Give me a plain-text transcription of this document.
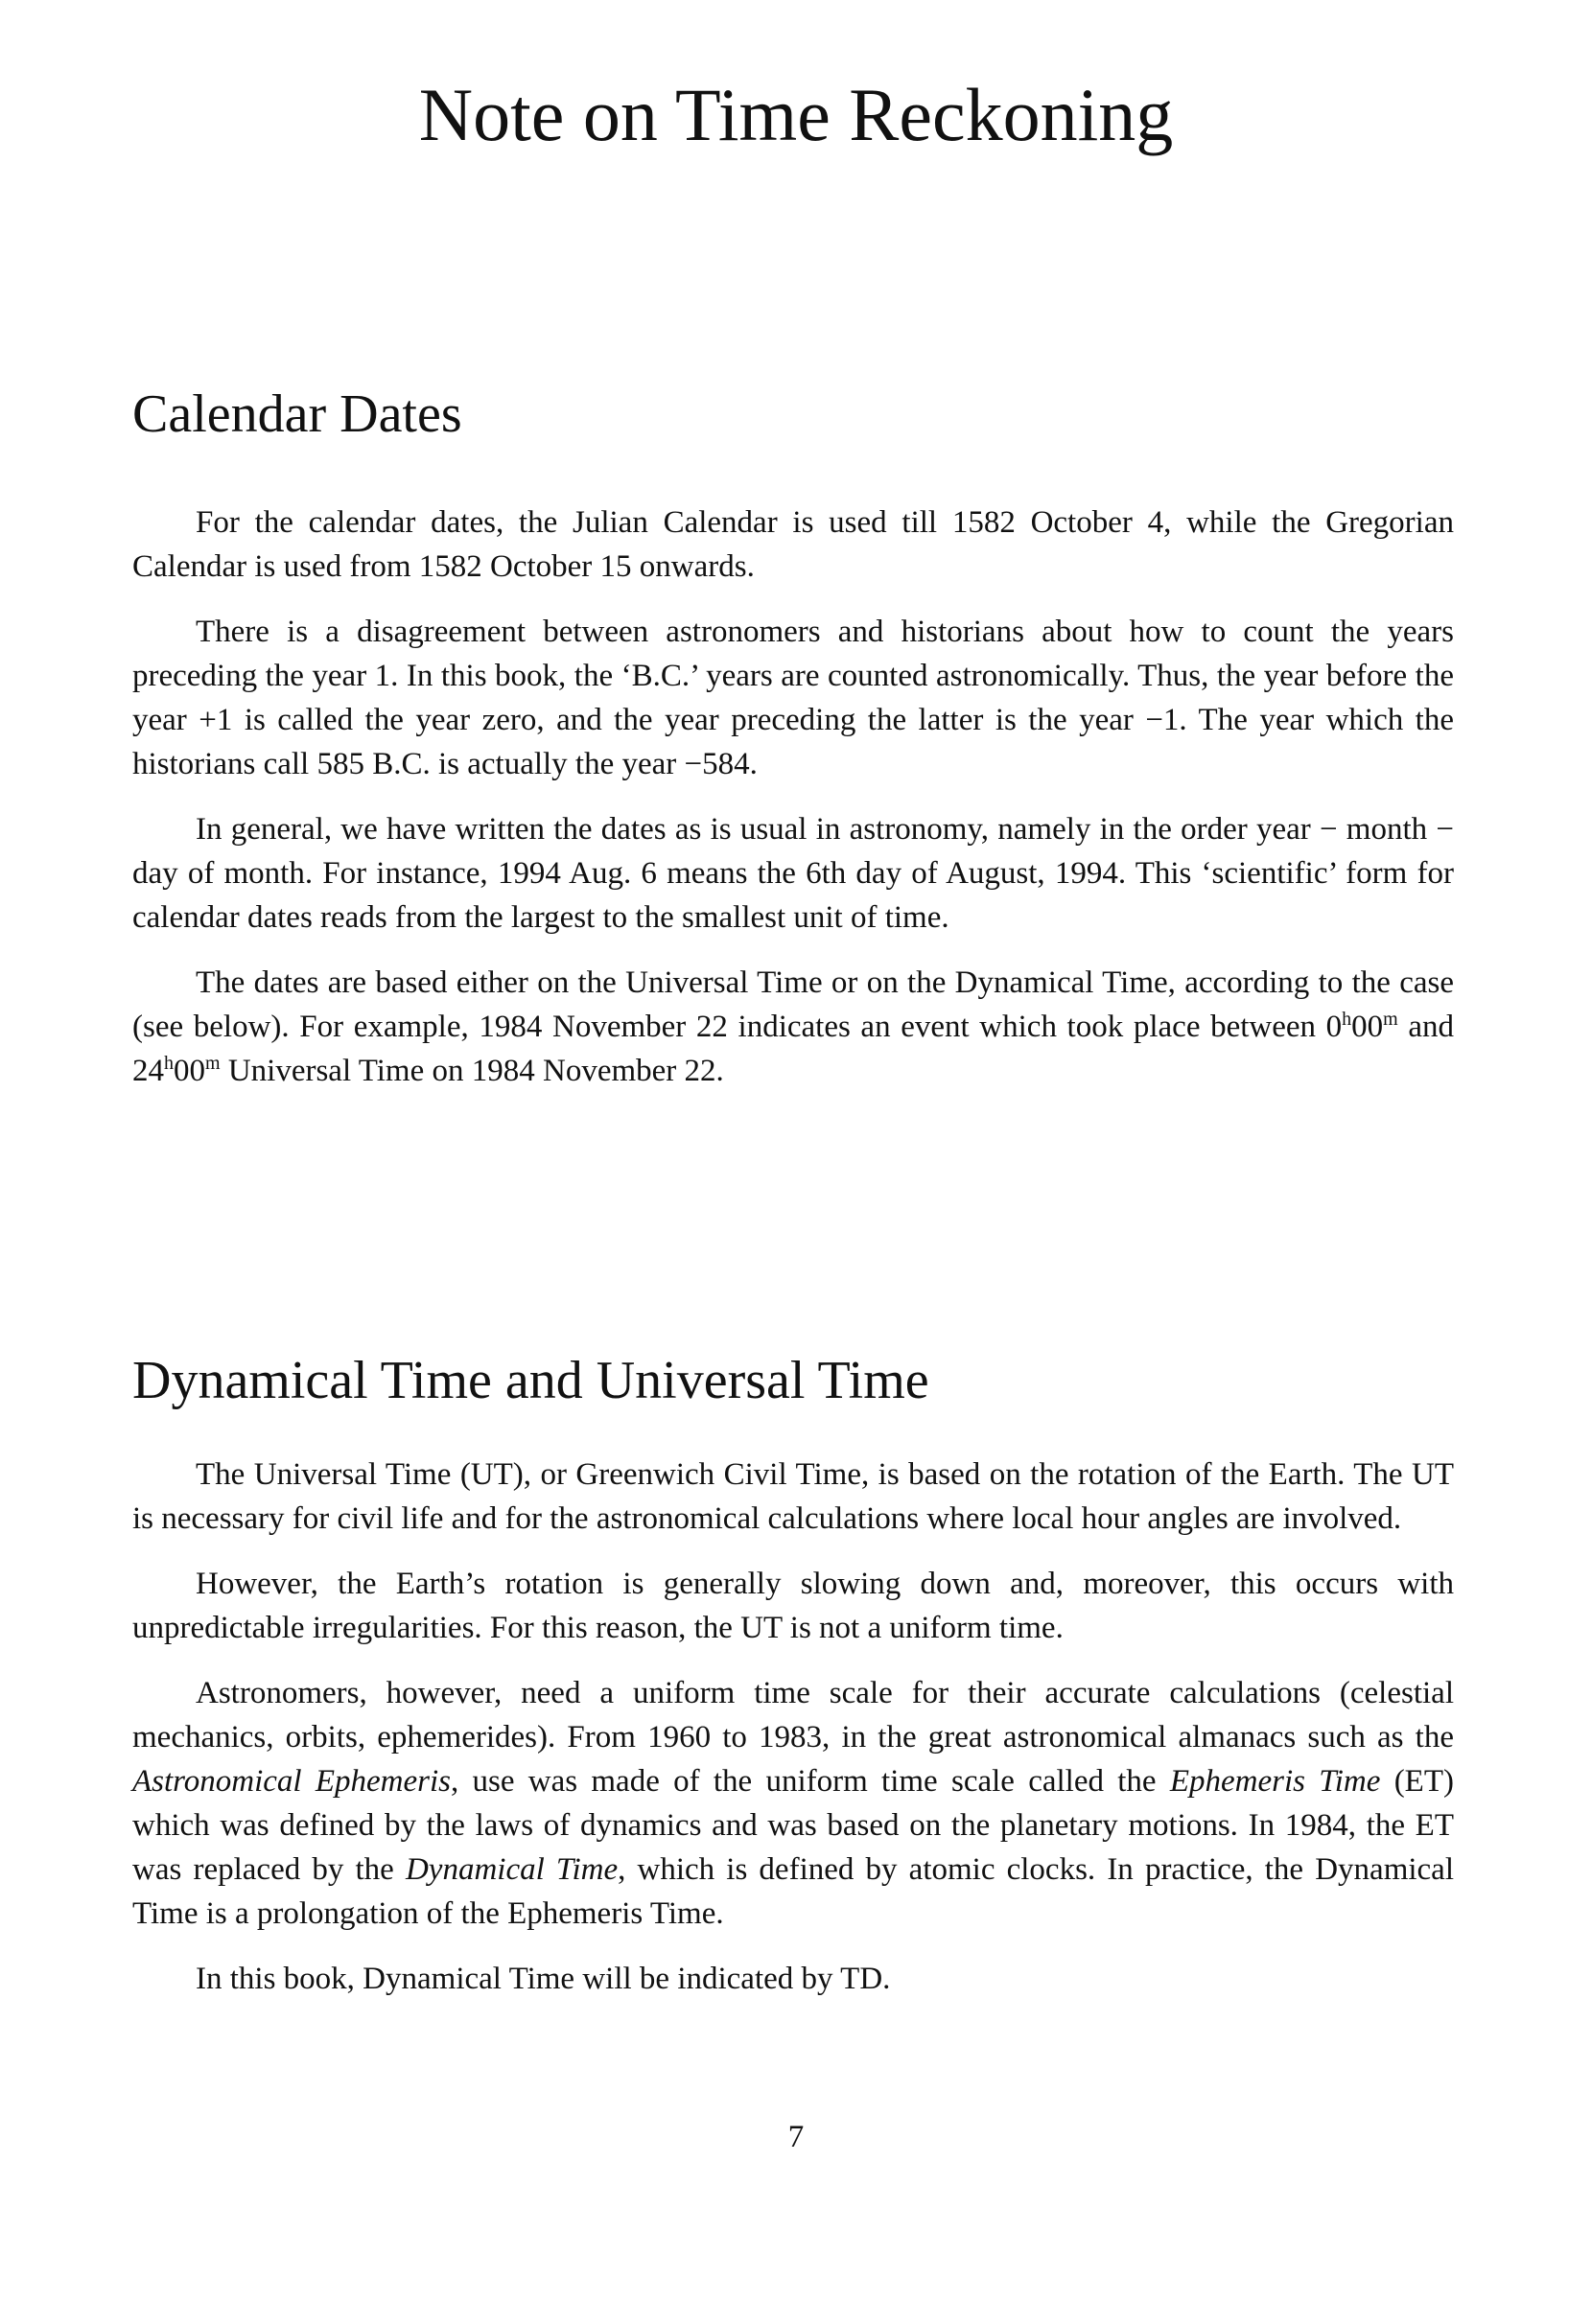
Note on Time Reckoning
Calendar Dates

For the calendar dates, the Julian Calendar is used till 1582 October 4, while the Gregorian Calendar is used from 1582 October 15 onwards.

There is a disagreement between astronomers and historians about how to count the years preceding the year 1. In this book, the ‘B.C.’ years are counted astronomically. Thus, the year before the year +1 is called the year zero, and the year preceding the latter is the year −1. The year which the historians call 585 B.C. is actually the year −584.

In general, we have written the dates as is usual in astronomy, namely in the order year − month − day of month. For instance, 1994 Aug. 6 means the 6th day of August, 1994. This ‘scientific’ form for calendar dates reads from the largest to the smallest unit of time.

The dates are based either on the Universal Time or on the Dynamical Time, according to the case (see below). For example, 1984 November 22 indicates an event which took place between 0$^h$00$^m$ and 24$^h$00$^m$ Universal Time on 1984 November 22.

Dynamical Time and Universal Time

The Universal Time (UT), or Greenwich Civil Time, is based on the rotation of the Earth. The UT is necessary for civil life and for the astronomical calculations where local hour angles are involved.

However, the Earth’s rotation is generally slowing down and, moreover, this occurs with unpredictable irregularities. For this reason, the UT is not a uniform time.

Astronomers, however, need a uniform time scale for their accurate calculations (celestial mechanics, orbits, ephemerides). From 1960 to 1983, in the great astronomical almanacs such as the Astronomical Ephemeris, use was made of the uniform time scale called the Ephemeris Time (ET) which was defined by the laws of dynamics and was based on the planetary motions. In 1984, the ET was replaced by the Dynamical Time, which is defined by atomic clocks. In practice, the Dynamical Time is a prolongation of the Ephemeris Time.

In this book, Dynamical Time will be indicated by TD.

7
